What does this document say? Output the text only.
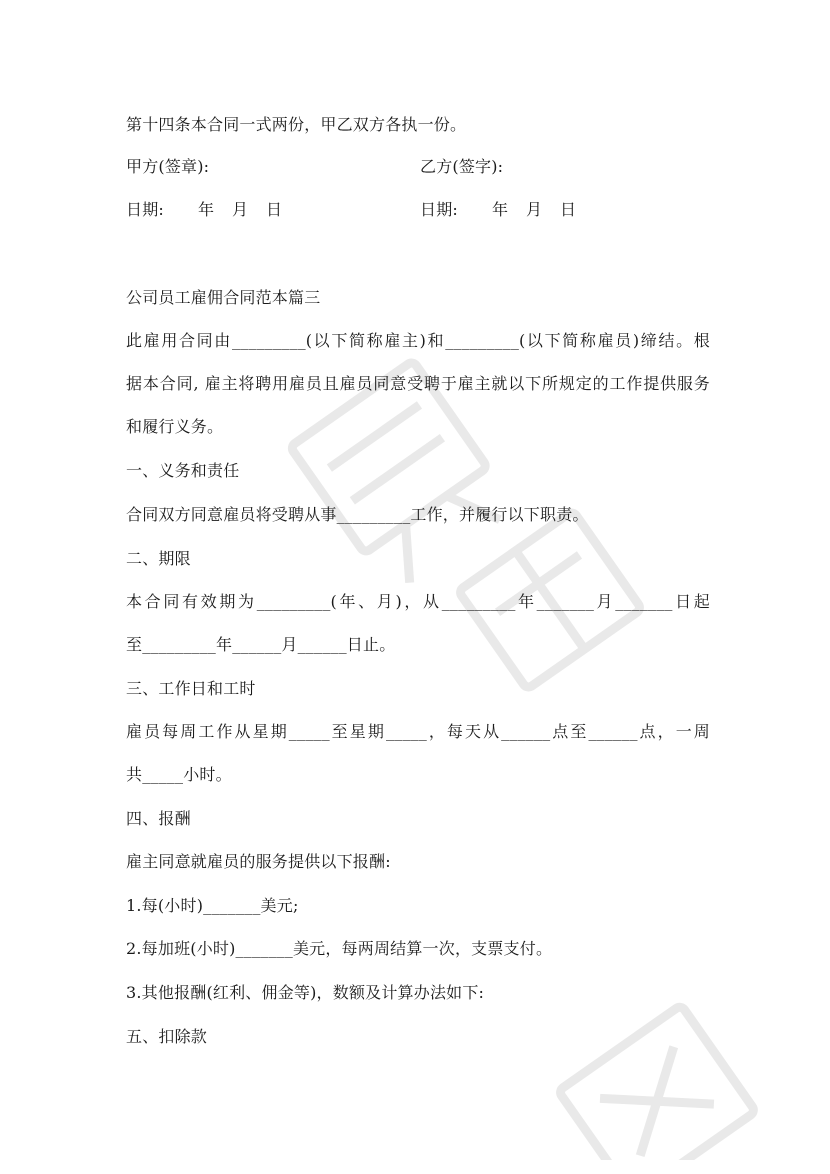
第十四条本合同一式两份，甲乙双方各执一份。
甲方(签章):	乙方(签字):
日期: 年 月 日	日期: 年 月 日
公司员工雇佣合同范本篇三
此雇用合同由_________(以下简称雇主)和_________(以下简称雇员)缔结。根
据本合同, 雇主将聘用雇员且雇员同意受聘于雇主就以下所规定的工作提供服务
和履行义务。
一、义务和责任
合同双方同意雇员将受聘从事_________工作，并履行以下职责。
二、期限
本合同有效期为_________(年、月)，从_________年_______月_______日起
至_________年______月______日止。
三、工作日和工时
雇员每周工作从星期_____至星期_____，每天从______点至______点，一周
共_____小时。
四、报酬
雇主同意就雇员的服务提供以下报酬:
1.每(小时)_______美元;
2.每加班(小时)_______美元，每两周结算一次，支票支付。
3.其他报酬(红利、佣金等)，数额及计算办法如下:
五、扣除款
